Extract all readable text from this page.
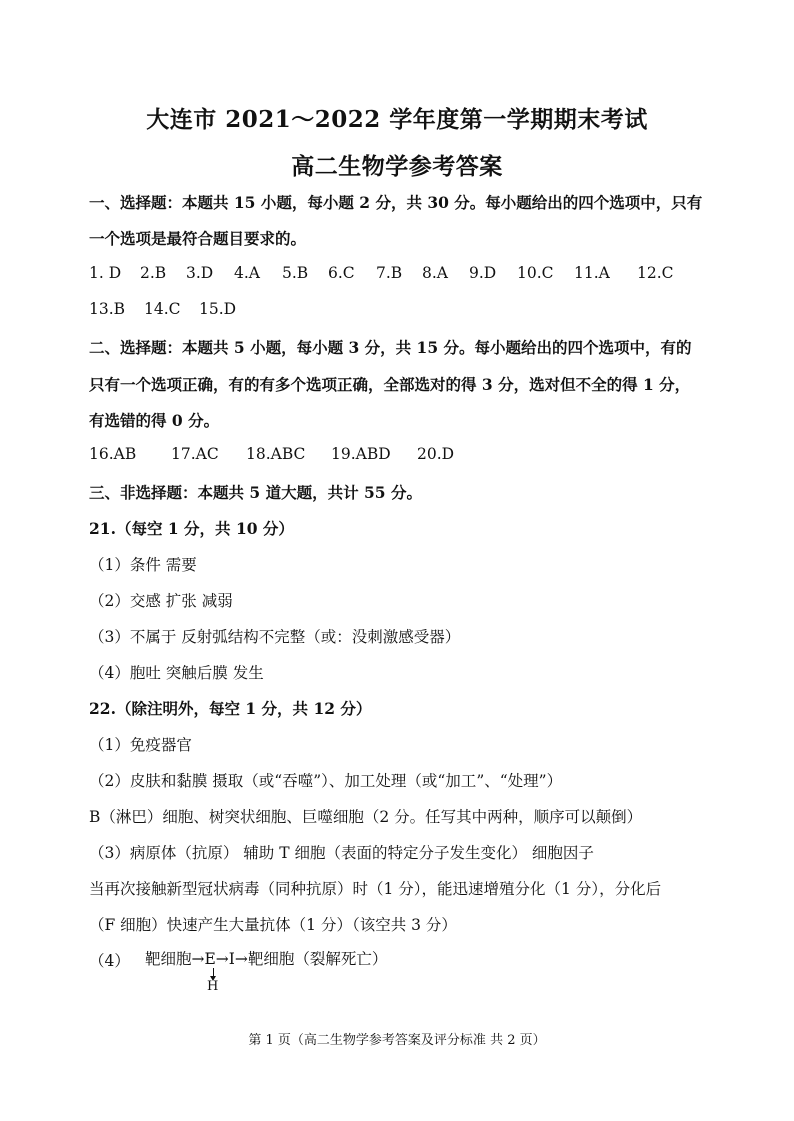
大连市 2021～2022 学年度第一学期期末考试
高二生物学参考答案
一、选择题：本题共 15 小题，每小题 2 分，共 30 分。每小题给出的四个选项中，只有
一个选项是最符合题目要求的。
1. D 2.B 3.D 4.A 5.B 6.C 7.B 8.A 9.D 10.C 11.A 12.C
13.B 14.C 15.D
二、选择题：本题共 5 小题，每小题 3 分，共 15 分。每小题给出的四个选项中，有的
只有一个选项正确，有的有多个选项正确，全部选对的得 3 分，选对但不全的得 1 分，
有选错的得 0 分。
16.AB 17.AC 18.ABC 19.ABD 20.D
三、非选择题：本题共 5 道大题，共计 55 分。
21.（每空 1 分，共 10 分）
（1）条件 需要
（2）交感 扩张 减弱
（3）不属于 反射弧结构不完整（或：没刺激感受器）
（4）胞吐 突触后膜 发生
22.（除注明外，每空 1 分，共 12 分）
（1）免疫器官
（2）皮肤和黏膜 摄取（或“吞噬”）、加工处理（或“加工”、“处理”）
B（淋巴）细胞、树突状细胞、巨噬细胞（2 分。任写其中两种，顺序可以颠倒）
（3）病原体（抗原） 辅助 T 细胞（表面的特定分子发生变化） 细胞因子
当再次接触新型冠状病毒（同种抗原）时（1 分），能迅速增殖分化（1 分），分化后
（F 细胞）快速产生大量抗体（1 分）（该空共 3 分）
（4） 靶细胞→E→I→靶细胞（裂解死亡）
H
第 1 页（高二生物学参考答案及评分标准 共 2 页）
